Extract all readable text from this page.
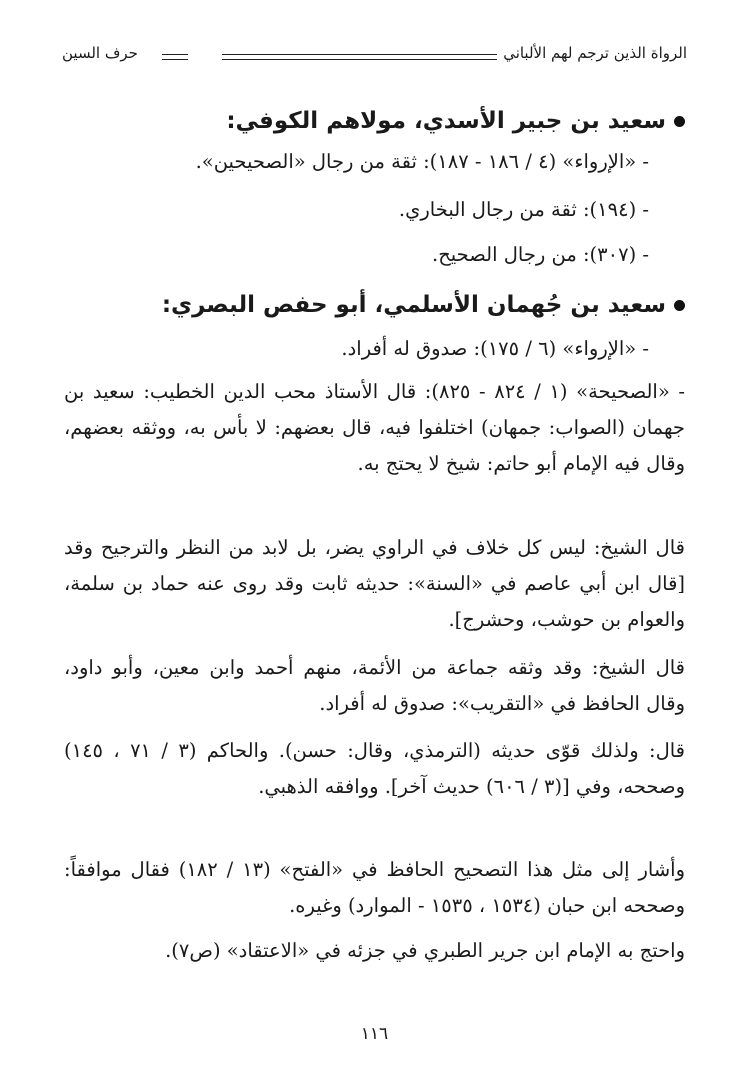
الرواة الذين ترجم لهم الألباني
حرف السين
سعيد بن جبير الأسدي، مولاهم الكوفي:
- «الإرواء» (٤ / ١٨٦ - ١٨٧): ثقة من رجال «الصحيحين».
- (١٩٤): ثقة من رجال البخاري.
- (٣٠٧): من رجال الصحيح.
سعيد بن جُهمان الأسلمي، أبو حفص البصري:
- «الإرواء» (٦ / ١٧٥): صدوق له أفراد.
- «الصحيحة» (١ / ٨٢٤ - ٨٢٥): قال الأستاذ محب الدين الخطيب: سعيد بن جهمان (الصواب: جمهان) اختلفوا فيه، قال بعضهم: لا بأس به، ووثقه بعضهم، وقال فيه الإمام أبو حاتم: شيخ لا يحتج به.
قال الشيخ: ليس كل خلاف في الراوي يضر، بل لابد من النظر والترجيح وقد [قال ابن أبي عاصم في «السنة»: حديثه ثابت وقد روى عنه حماد بن سلمة، والعوام بن حوشب، وحشرج].
قال الشيخ: وقد وثقه جماعة من الأئمة، منهم أحمد وابن معين، وأبو داود، وقال الحافظ في «التقريب»: صدوق له أفراد.
قال: ولذلك قوّى حديثه (الترمذي، وقال: حسن). والحاكم (٣ / ٧١ ، ١٤٥) وصححه، وفي [(٣ / ٦٠٦) حديث آخر]. ووافقه الذهبي.
وأشار إلى مثل هذا التصحيح الحافظ في «الفتح» (١٣ / ١٨٢) فقال موافقاً: وصححه ابن حبان (١٥٣٤ ، ١٥٣٥ - الموارد) وغيره.
واحتج به الإمام ابن جرير الطبري في جزئه في «الاعتقاد» (ص٧).
١١٦
